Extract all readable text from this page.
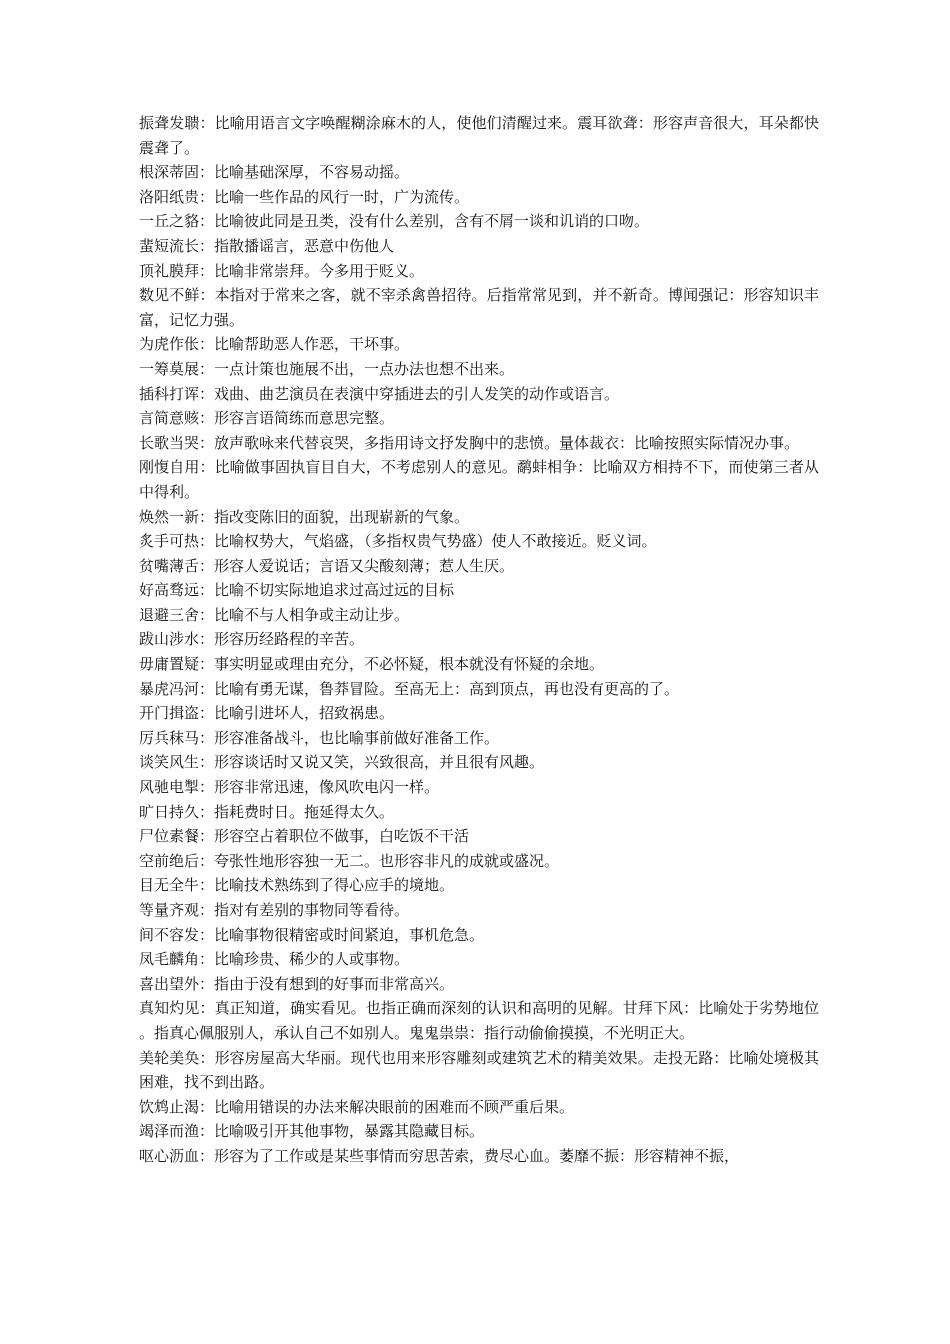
振聋发聩：比喻用语言文字唤醒糊涂麻木的人，使他们清醒过来。震耳欲聋：形容声音很大，耳朵都快震聋了。

根深蒂固：比喻基础深厚，不容易动摇。

洛阳纸贵：比喻一些作品的风行一时，广为流传。

一丘之貉：比喻彼此同是丑类，没有什么差别，含有不屑一谈和讥诮的口吻。

蜚短流长：指散播谣言，恶意中伤他人

顶礼膜拜：比喻非常崇拜。今多用于贬义。

数见不鲜：本指对于常来之客，就不宰杀禽兽招待。后指常常见到，并不新奇。博闻强记：形容知识丰富，记忆力强。

为虎作伥：比喻帮助恶人作恶，干坏事。

一筹莫展：一点计策也施展不出，一点办法也想不出来。

插科打诨：戏曲、曲艺演员在表演中穿插进去的引人发笑的动作或语言。

言简意赅：形容言语简练而意思完整。

长歌当哭：放声歌咏来代替哀哭，多指用诗文抒发胸中的悲愤。量体裁衣：比喻按照实际情况办事。

刚愎自用：比喻做事固执盲目自大，不考虑别人的意见。鹬蚌相争：比喻双方相持不下，而使第三者从中得利。

焕然一新：指改变陈旧的面貌，出现崭新的气象。

炙手可热：比喻权势大，气焰盛，（多指权贵气势盛）使人不敢接近。贬义词。

贫嘴薄舌：形容人爱说话；言语又尖酸刻薄；惹人生厌。

好高骛远：比喻不切实际地追求过高过远的目标

退避三舍：比喻不与人相争或主动让步。

跋山涉水：形容历经路程的辛苦。

毋庸置疑：事实明显或理由充分，不必怀疑，根本就没有怀疑的余地。

暴虎冯河：比喻有勇无谋，鲁莽冒险。至高无上：高到顶点，再也没有更高的了。

开门揖盗：比喻引进坏人，招致祸患。

厉兵秣马：形容准备战斗，也比喻事前做好准备工作。

谈笑风生：形容谈话时又说又笑，兴致很高，并且很有风趣。

风驰电掣：形容非常迅速，像风吹电闪一样。

旷日持久：指耗费时日。拖延得太久。

尸位素餐：形容空占着职位不做事，白吃饭不干活

空前绝后：夸张性地形容独一无二。也形容非凡的成就或盛况。

目无全牛：比喻技术熟练到了得心应手的境地。

等量齐观：指对有差别的事物同等看待。

间不容发：比喻事物很精密或时间紧迫，事机危急。

凤毛麟角：比喻珍贵、稀少的人或事物。

喜出望外：指由于没有想到的好事而非常高兴。

真知灼见：真正知道，确实看见。也指正确而深刻的认识和高明的见解。甘拜下风：比喻处于劣势地位。指真心佩服别人，承认自己不如别人。鬼鬼祟祟：指行动偷偷摸摸，不光明正大。

美轮美奂：形容房屋高大华丽。现代也用来形容雕刻或建筑艺术的精美效果。走投无路：比喻处境极其困难，找不到出路。

饮鸩止渴：比喻用错误的办法来解决眼前的困难而不顾严重后果。

竭泽而渔：比喻吸引开其他事物，暴露其隐藏目标。

呕心沥血：形容为了工作或是某些事情而穷思苦索，费尽心血。萎靡不振：形容精神不振，
